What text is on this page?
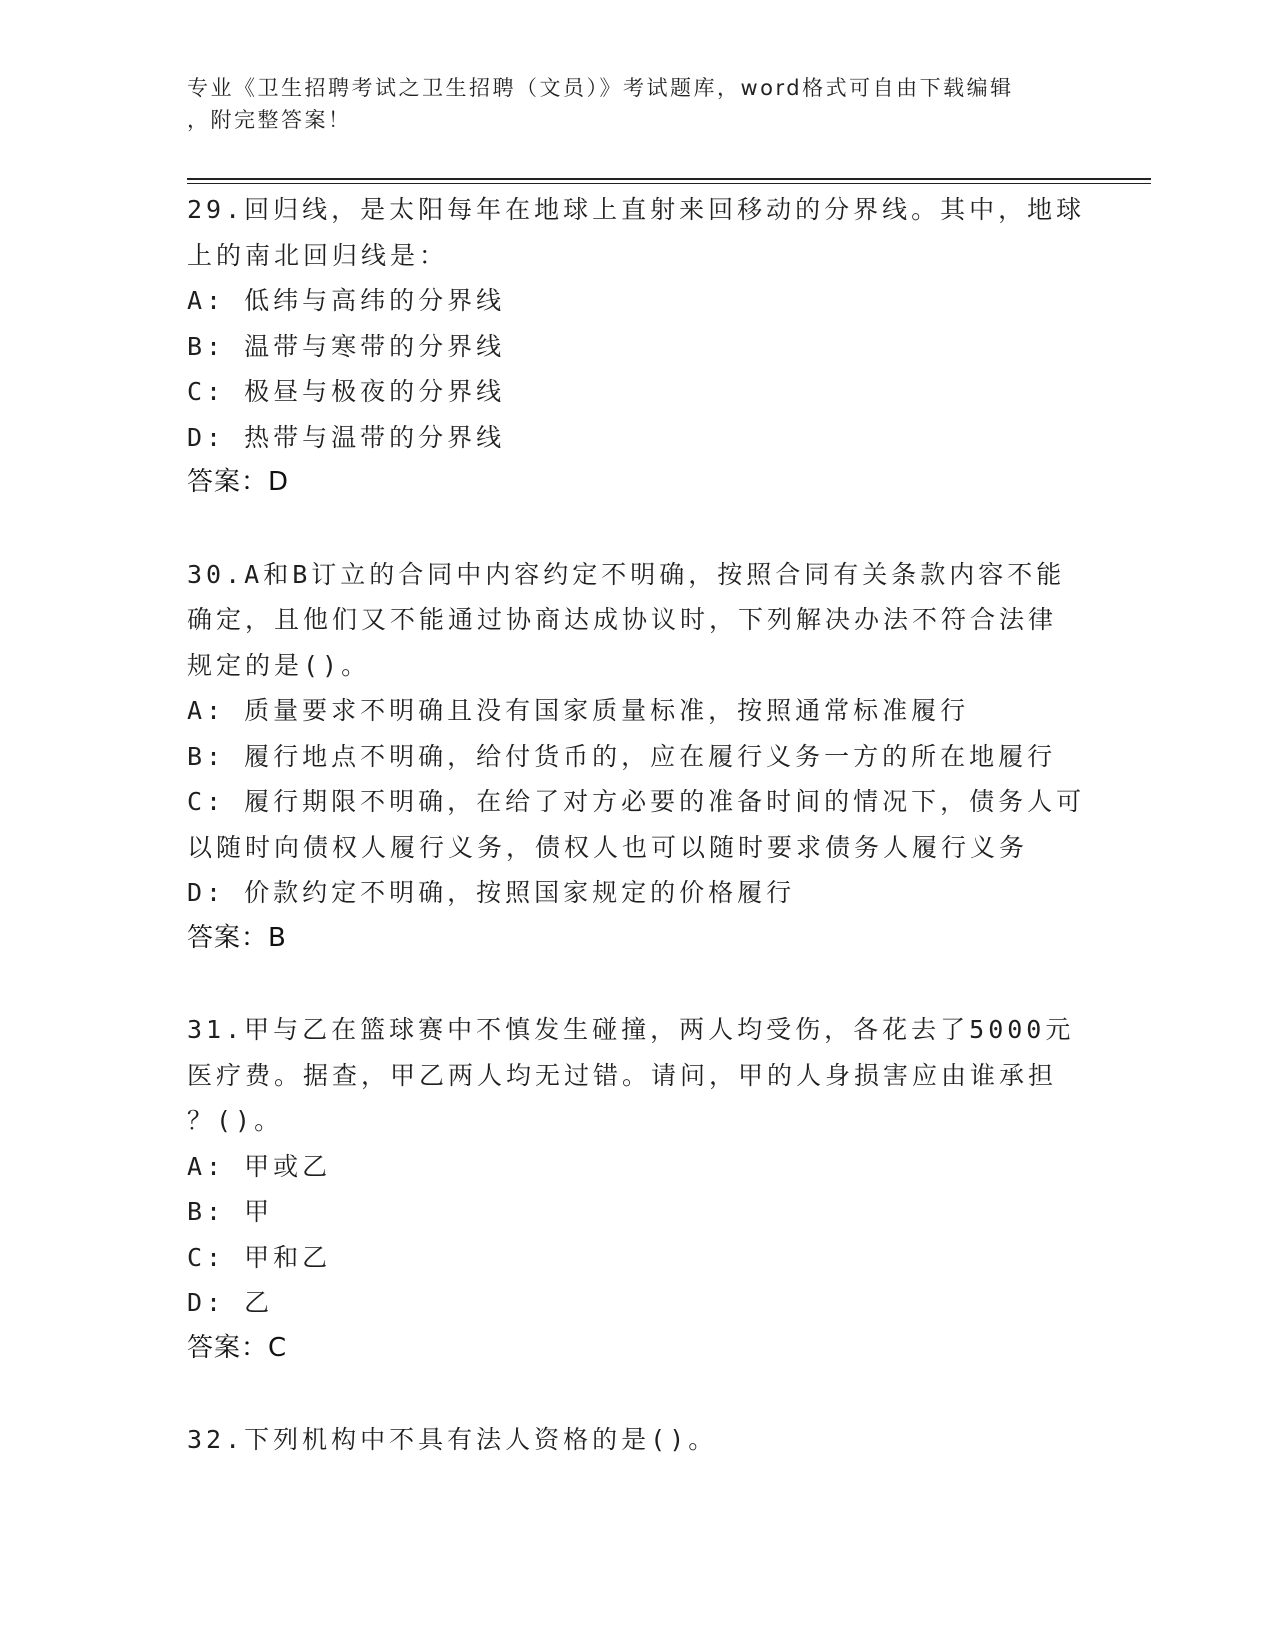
专业《卫生招聘考试之卫生招聘（文员）》考试题库，word格式可自由下载编辑
，附完整答案！
29.回归线，是太阳每年在地球上直射来回移动的分界线。其中，地球
上的南北回归线是：
A: 低纬与高纬的分界线
B: 温带与寒带的分界线
C: 极昼与极夜的分界线
D: 热带与温带的分界线
答案：D
30.A和B订立的合同中内容约定不明确，按照合同有关条款内容不能
确定，且他们又不能通过协商达成协议时，下列解决办法不符合法律
规定的是()。
A: 质量要求不明确且没有国家质量标准，按照通常标准履行
B: 履行地点不明确，给付货币的，应在履行义务一方的所在地履行
C: 履行期限不明确，在给了对方必要的准备时间的情况下，债务人可
以随时向债权人履行义务，债权人也可以随时要求债务人履行义务
D: 价款约定不明确，按照国家规定的价格履行
答案：B
31.甲与乙在篮球赛中不慎发生碰撞，两人均受伤，各花去了5000元
医疗费。据查，甲乙两人均无过错。请问，甲的人身损害应由谁承担
？()。
A: 甲或乙
B: 甲
C: 甲和乙
D: 乙
答案：C
32.下列机构中不具有法人资格的是()。
